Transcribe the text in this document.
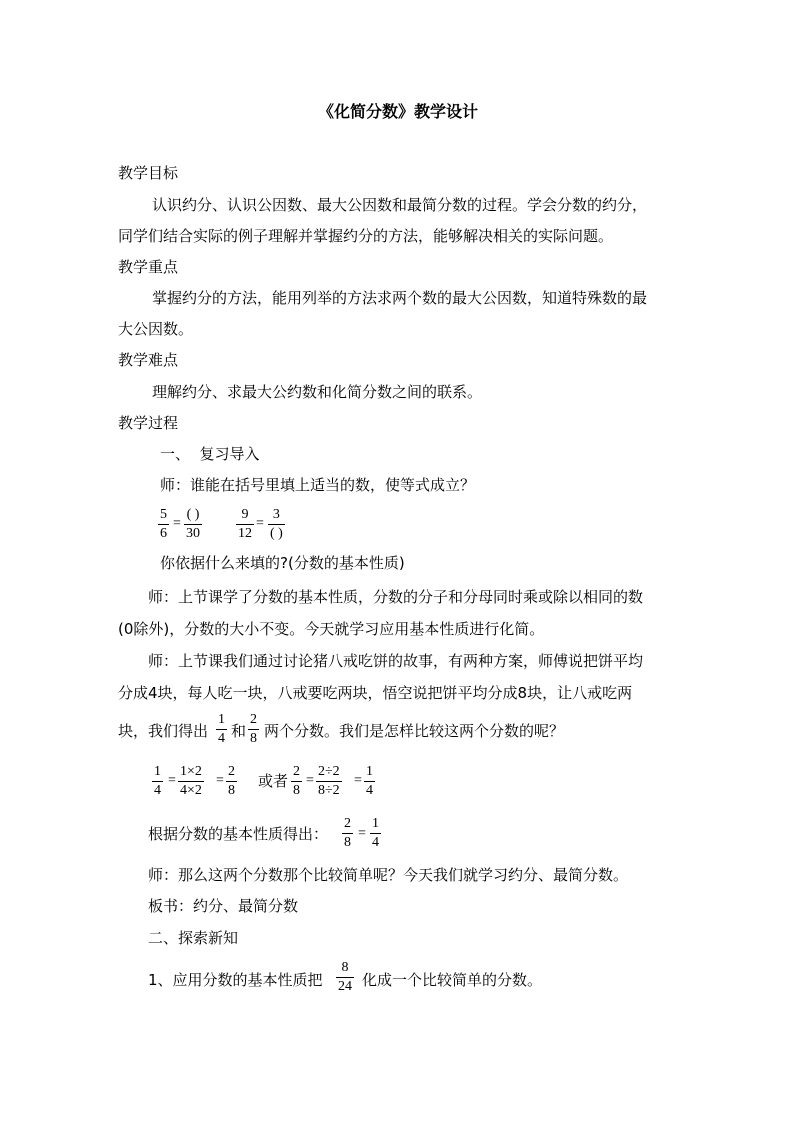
《化简分数》教学设计
教学目标
认识约分、认识公因数、最大公因数和最简分数的过程。学会分数的约分，
同学们结合实际的例子理解并掌握约分的方法，能够解决相关的实际问题。
教学重点
掌握约分的方法，能用列举的方法求两个数的最大公因数，知道特殊数的最
大公因数。
教学难点
理解约分、求最大公约数和化简分数之间的联系。
教学过程
一、  复习导入
师：谁能在括号里填上适当的数，使等式成立？
5
6
=
( )
30
9
12
=
3
( )
你依据什么来填的?(分数的基本性质)
师：上节课学了分数的基本性质，分数的分子和分母同时乘或除以相同的数
(0除外)，分数的大小不变。今天就学习应用基本性质进行化简。
师：上节课我们通过讨论猪八戒吃饼的故事，有两种方案，师傅说把饼平均
分成4块，每人吃一块，八戒要吃两块，悟空说把饼平均分成8块，让八戒吃两
块，我们得出
1
4 和
2
8 两个分数。我们是怎样比较这两个分数的呢？
1
4
=
1×2
4×2
=
2
8
或者
2
8
=
2÷2
8÷2
=
1
4
根据分数的基本性质得出：
2
8
=
1
4
师：那么这两个分数那个比较简单呢？今天我们就学习约分、最简分数。
板书：约分、最简分数
二、探索新知
1、应用分数的基本性质把
8
24 化成一个比较简单的分数。
